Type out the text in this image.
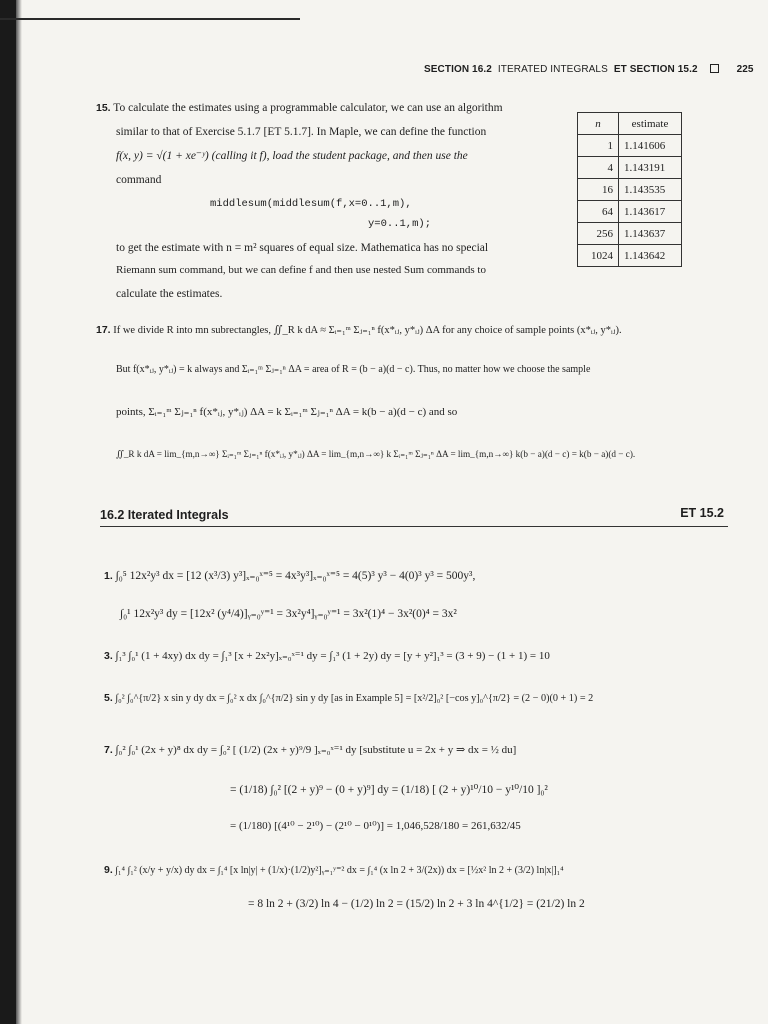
SECTION 16.2 ITERATED INTEGRALS ET SECTION 15.2	225
15. To calculate the estimates using a programmable calculator, we can use an algorithm
similar to that of Exercise 5.1.7 [ET 5.1.7]. In Maple, we can define the function
f(x, y) = √(1 + xe⁻ʸ) (calling it f), load the student package, and then use the
command
middlesum(middlesum(f,x=0..1,m),
y=0..1,m);
to get the estimate with n = m² squares of equal size. Mathematica has no special
Riemann sum command, but we can define f and then use nested Sum commands to
calculate the estimates.
n	estimate
1	1.141606
4	1.143191
16	1.143535
64	1.143617
256	1.143637
1024	1.143642
17. If we divide R into mn subrectangles, ∬_R k dA ≈ Σᵢ₌₁ᵐ Σⱼ₌₁ⁿ f(x*ᵢⱼ, y*ᵢⱼ) ΔA for any choice of sample points (x*ᵢⱼ, y*ᵢⱼ).
But f(x*ᵢⱼ, y*ᵢⱼ) = k always and Σᵢ₌₁ᵐ Σⱼ₌₁ⁿ ΔA = area of R = (b − a)(d − c). Thus, no matter how we choose the sample
points, Σᵢ₌₁ᵐ Σⱼ₌₁ⁿ f(x*ᵢⱼ, y*ᵢⱼ) ΔA = k Σᵢ₌₁ᵐ Σⱼ₌₁ⁿ ΔA = k(b − a)(d − c) and so
∬_R k dA = lim_{m,n→∞} Σᵢ₌₁ᵐ Σⱼ₌₁ⁿ f(x*ᵢⱼ, y*ᵢⱼ) ΔA = lim_{m,n→∞} k Σᵢ₌₁ᵐ Σⱼ₌₁ⁿ ΔA = lim_{m,n→∞} k(b − a)(d − c) = k(b − a)(d − c).
16.2 Iterated Integrals	ET 15.2
1. ∫₀⁵ 12x²y³ dx = [12 (x³/3) y³]ₓ₌₀ˣ⁼⁵ = 4x³y³]ₓ₌₀ˣ⁼⁵ = 4(5)³ y³ − 4(0)³ y³ = 500y³,
∫₀¹ 12x²y³ dy = [12x² (y⁴/4)]ᵧ₌₀ʸ⁼¹ = 3x²y⁴]ᵧ₌₀ʸ⁼¹ = 3x²(1)⁴ − 3x²(0)⁴ = 3x²
3. ∫₁³ ∫₀¹ (1 + 4xy) dx dy = ∫₁³ [x + 2x²y]ₓ₌₀ˣ⁼¹ dy = ∫₁³ (1 + 2y) dy = [y + y²]₁³ = (3 + 9) − (1 + 1) = 10
5. ∫₀² ∫₀^{π/2} x sin y dy dx = ∫₀² x dx ∫₀^{π/2} sin y dy [as in Example 5] = [x²/2]₀² [−cos y]₀^{π/2} = (2 − 0)(0 + 1) = 2
7. ∫₀² ∫₀¹ (2x + y)⁸ dx dy = ∫₀² [ (1/2) (2x + y)⁹/9 ]ₓ₌₀ˣ⁼¹ dy [substitute u = 2x + y ⇒ dx = ½ du]
= (1/18) ∫₀² [(2 + y)⁹ − (0 + y)⁹] dy = (1/18) [ (2 + y)¹⁰/10 − y¹⁰/10 ]₀²
= (1/180) [(4¹⁰ − 2¹⁰) − (2¹⁰ − 0¹⁰)] = 1,046,528/180 = 261,632/45
9. ∫₁⁴ ∫₁² (x/y + y/x) dy dx = ∫₁⁴ [x ln|y| + (1/x)·(1/2)y²]ᵧ₌₁ʸ⁼² dx = ∫₁⁴ (x ln 2 + 3/(2x)) dx = [½x² ln 2 + (3/2) ln|x|]₁⁴
= 8 ln 2 + (3/2) ln 4 − (1/2) ln 2 = (15/2) ln 2 + 3 ln 4^{1/2} = (21/2) ln 2
